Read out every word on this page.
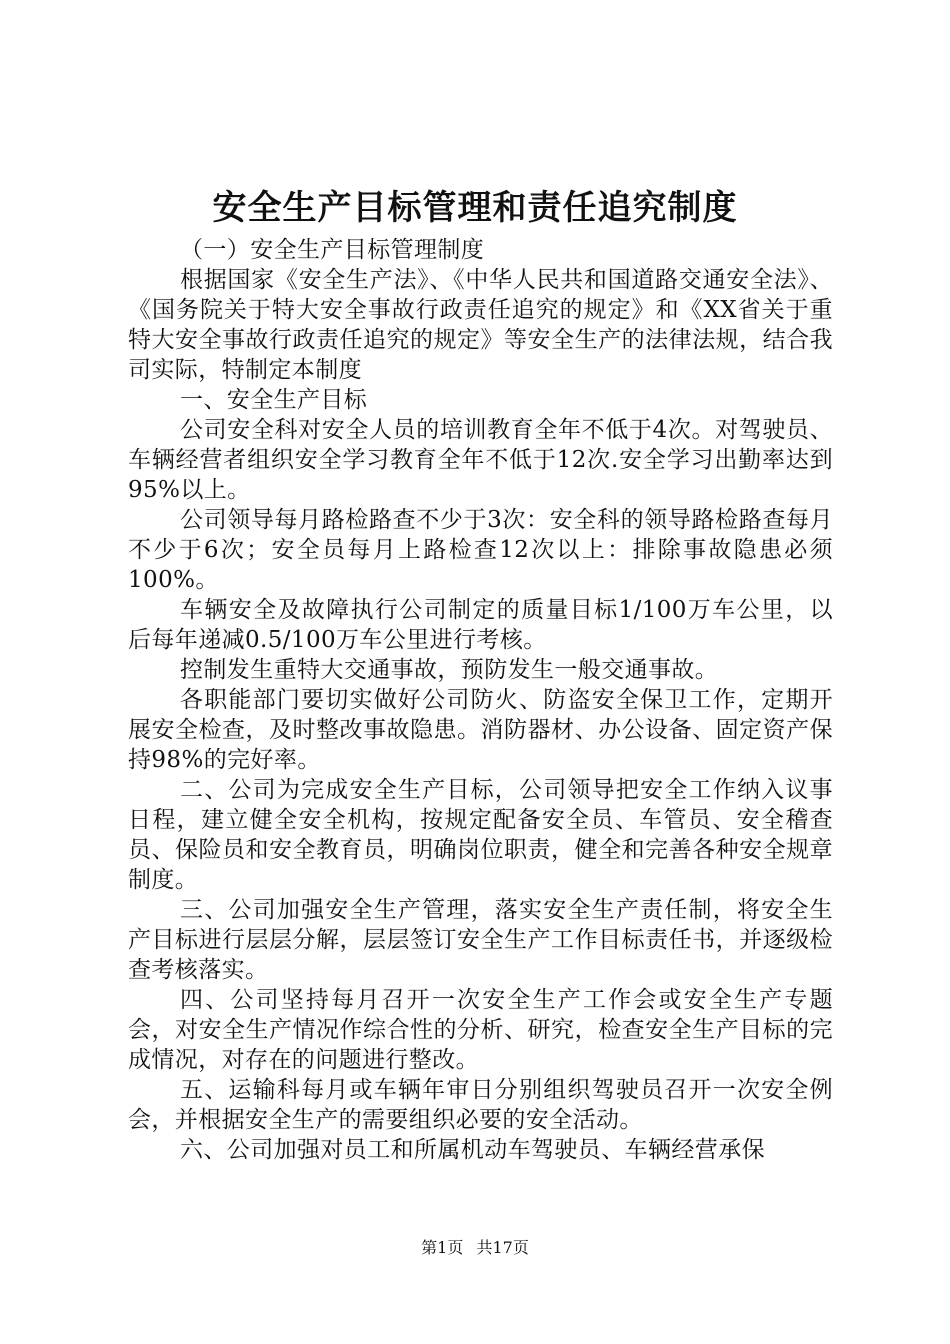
安全生产目标管理和责任追究制度

（一）安全生产目标管理制度

根据国家《安全生产法》、《中华人民共和国道路交通安全法》、《国务院关于特大安全事故行政责任追究的规定》和《XX省关于重特大安全事故行政责任追究的规定》等安全生产的法律法规，结合我司实际，特制定本制度

一、安全生产目标

公司安全科对安全人员的培训教育全年不低于4次。对驾驶员、车辆经营者组织安全学习教育全年不低于12次.安全学习出勤率达到95%以上。

公司领导每月路检路查不少于3次：安全科的领导路检路查每月不少于6次；安全员每月上路检查12次以上：排除事故隐患必须100%。

车辆安全及故障执行公司制定的质量目标1/100万车公里，以后每年递减0.5/100万车公里进行考核。

控制发生重特大交通事故，预防发生一般交通事故。

各职能部门要切实做好公司防火、防盗安全保卫工作，定期开展安全检查，及时整改事故隐患。消防器材、办公设备、固定资产保持98%的完好率。

二、公司为完成安全生产目标，公司领导把安全工作纳入议事日程，建立健全安全机构，按规定配备安全员、车管员、安全稽查员、保险员和安全教育员，明确岗位职责，健全和完善各种安全规章制度。

三、公司加强安全生产管理，落实安全生产责任制，将安全生产目标进行层层分解，层层签订安全生产工作目标责任书，并逐级检查考核落实。

四、公司坚持每月召开一次安全生产工作会或安全生产专题会，对安全生产情况作综合性的分析、研究，检查安全生产目标的完成情况，对存在的问题进行整改。

五、运输科每月或车辆年审日分别组织驾驶员召开一次安全例会，并根据安全生产的需要组织必要的安全活动。

六、公司加强对员工和所属机动车驾驶员、车辆经营承保

第1页 共17页
